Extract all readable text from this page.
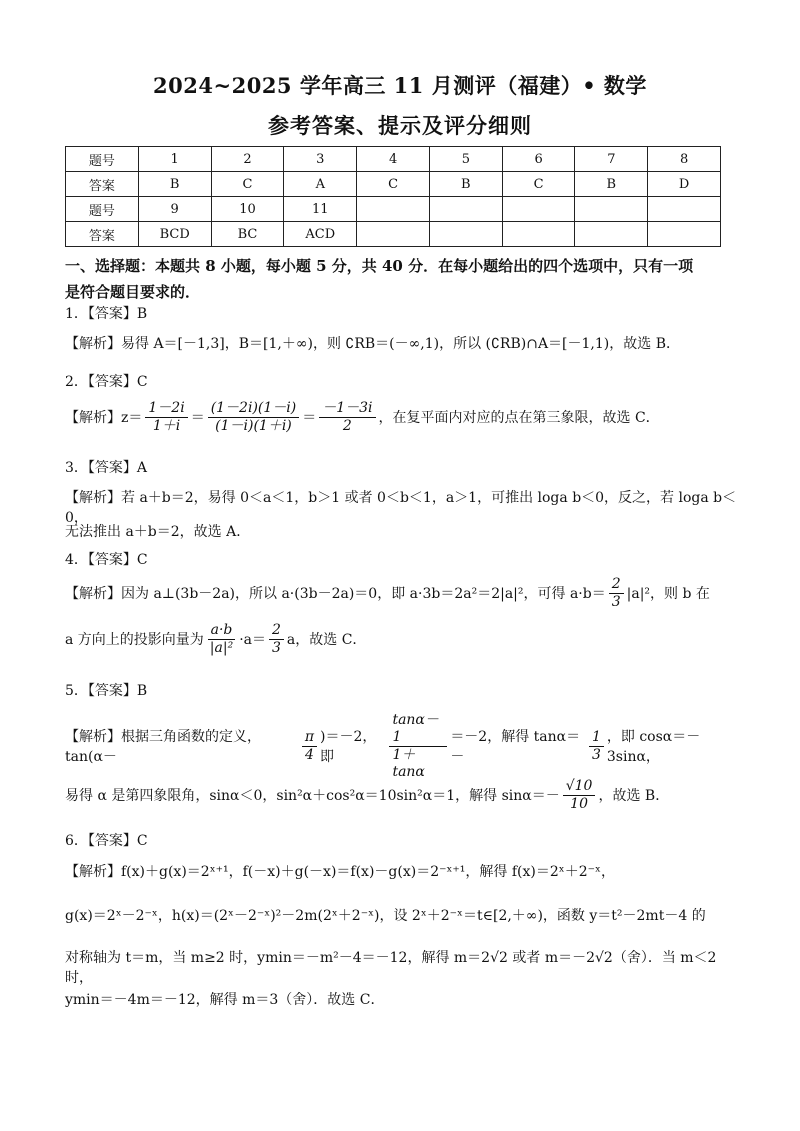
2024~2025 学年高三 11 月测评（福建）• 数学
参考答案、提示及评分细则
题号	1	2	3	4	5	6	7	8
答案	B	C	A	C	B	C	B	D
题号	9	10	11					
答案	BCD	BC	ACD					
一、选择题：本题共 8 小题，每小题 5 分，共 40 分．在每小题给出的四个选项中，只有一项
是符合题目要求的．
1．【答案】B
【解析】易得 A＝[－1,3]，B＝[1,＋∞)，则 ∁RB＝(－∞,1)，所以 (∁RB)∩A＝[－1,1)，故选 B．
2．【答案】C
【解析】$z= \frac{1-2i}{1+i} = \frac{(1-2i)(1-i)}{(1-i)(1+i)} = \frac{-1-3i}{2}$ ，在复平面内对应的点在第三象限，故选 C．
3．【答案】A
【解析】若 a＋b＝2，易得 0＜a＜1，b＞1 或者 0＜b＜1，a＞1，可推出 loga b＜0，反之，若 loga b＜0，
无法推出 a＋b＝2，故选 A．
4．【答案】C
【解析】因为 a⊥(3b－2a)，所以 a·(3b－2a)＝0，即 a·3b＝2a²＝2|a|²，可得 $a\cdot b= \frac{2}{3} |a|^2$，则 b 在
a 方向上的投影向量为 $\frac{a\cdot b}{\text{|a|²}} \cdot a= \frac{2}{3}$ a，故选 C．
5．【答案】B
【解析】根据三角函数的定义，tan(α－	$\frac{\pi}{4} )=-2$，即	$\frac{\tan\alpha-1}{1+\tan\alpha} =-2$，解得 tanα＝－	$\frac{1}{3}$ ，即 cosα＝－3sinα，
易得 α 是第四象限角，sinα＜0，sin²α＋cos²α＝10sin²α＝1，解得 $\sin\alpha=- \frac{√10}{10}$ ，故选 B．
6．【答案】C
【解析】f(x)＋g(x)＝2ˣ⁺¹，f(－x)＋g(－x)＝f(x)－g(x)＝2⁻ˣ⁺¹，解得 f(x)＝2ˣ＋2⁻ˣ，
g(x)＝2ˣ－2⁻ˣ，h(x)＝(2ˣ－2⁻ˣ)²－2m(2ˣ＋2⁻ˣ)，设 2ˣ＋2⁻ˣ＝t∈[2,＋∞)，函数 y＝t²－2mt－4 的
对称轴为 t＝m，当 m≥2 时，ymin＝－m²－4＝－12，解得 m＝2√2 或者 m＝－2√2（舍）．当 m＜2 时，
ymin＝－4m＝－12，解得 m＝3（舍）．故选 C．
